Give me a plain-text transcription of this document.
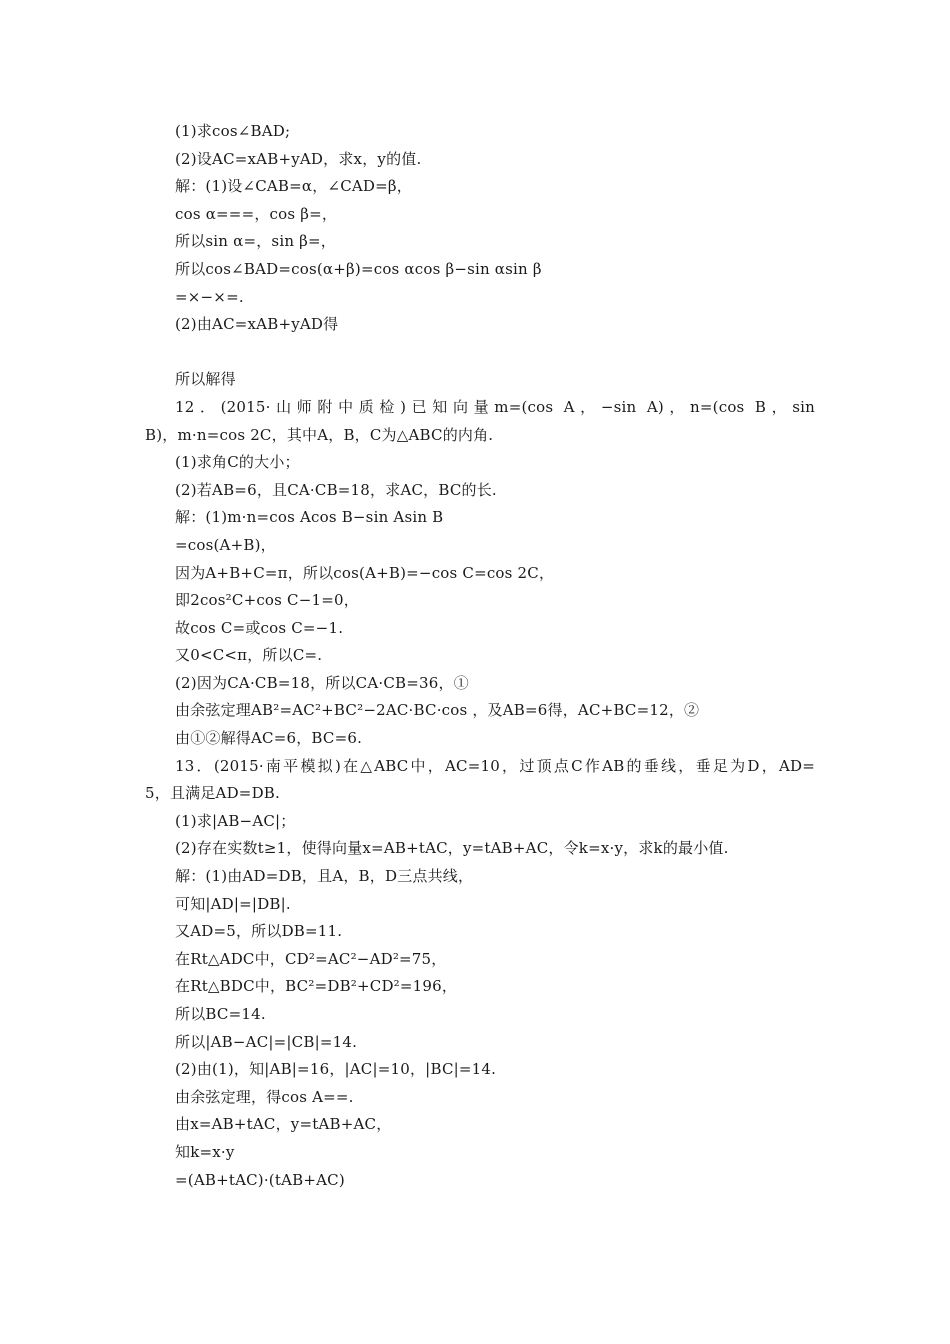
(1)求cos∠BAD;
(2)设AC=xAB+yAD，求x，y的值.
解：(1)设∠CAB=α，∠CAD=β，
cos α===，cos β=，
所以sin α=，sin β=，
所以cos∠BAD=cos(α+β)=cos αcos β−sin αsin β
=×−×=.
(2)由AC=xAB+yAD得
所以解得
12．(2015·山师附中质检)已知向量m=(cos A，−sin A)，n=(cos B，sin
B)，m·n=cos 2C，其中A，B，C为△ABC的内角.
(1)求角C的大小；
(2)若AB=6，且CA·CB=18，求AC，BC的长.
解：(1)m·n=cos Acos B−sin Asin B
=cos(A+B)，
因为A+B+C=π，所以cos(A+B)=−cos C=cos 2C，
即2cos²C+cos C−1=0，
故cos C=或cos C=−1.
又0<C<π，所以C=.
(2)因为CA·CB=18，所以CA·CB=36，①
由余弦定理AB²=AC²+BC²−2AC·BC·cos ，及AB=6得，AC+BC=12，②
由①②解得AC=6，BC=6.
13．(2015·南平模拟)在△ABC中，AC=10，过顶点C作AB的垂线，垂足为D，AD=
5，且满足AD=DB.
(1)求|AB−AC|；
(2)存在实数t≥1，使得向量x=AB+tAC，y=tAB+AC，令k=x·y，求k的最小值.
解：(1)由AD=DB，且A，B，D三点共线，
可知|AD|=|DB|.
又AD=5，所以DB=11.
在Rt△ADC中，CD²=AC²−AD²=75，
在Rt△BDC中，BC²=DB²+CD²=196，
所以BC=14.
所以|AB−AC|=|CB|=14.
(2)由(1)，知|AB|=16，|AC|=10，|BC|=14.
由余弦定理，得cos A==.
由x=AB+tAC，y=tAB+AC，
知k=x·y
=(AB+tAC)·(tAB+AC)
